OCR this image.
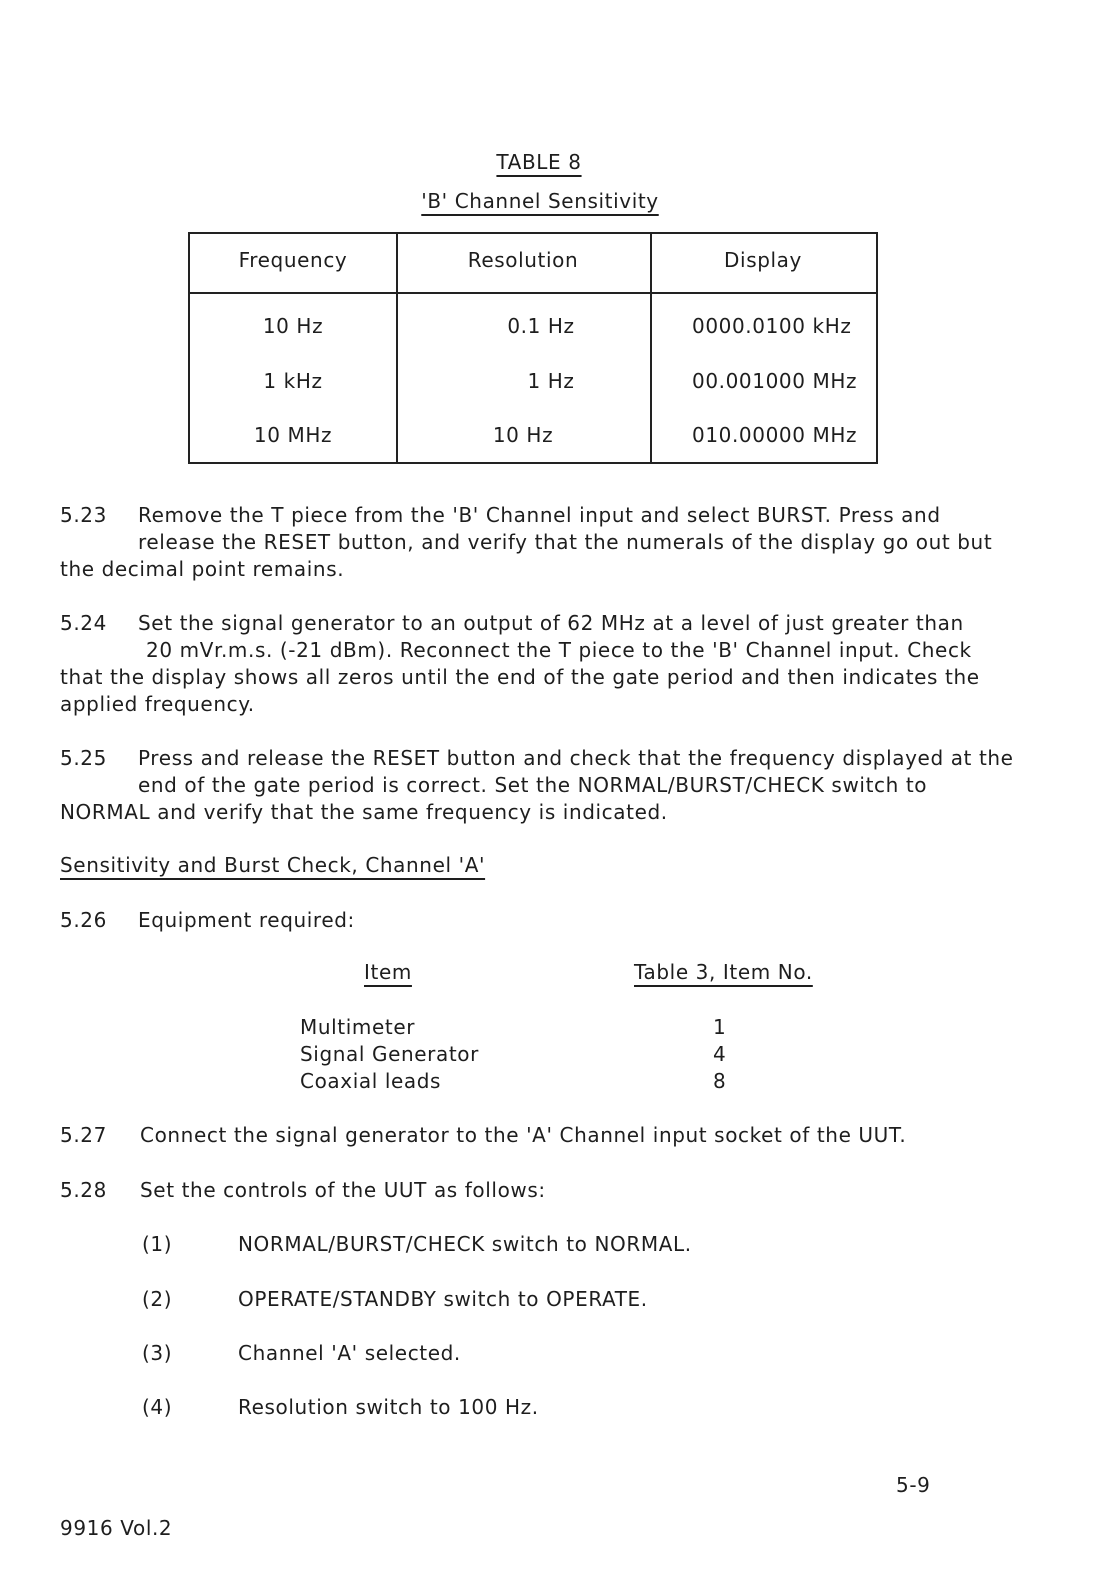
TABLE 8
'B' Channel Sensitivity
Frequency	Resolution	Display
10 Hz	0.1 Hz	0000.0100 kHz
1 kHz	1 Hz	00.001000 MHz
10 MHz	10 Hz	010.00000 MHz
5.23 Remove the T piece from the 'B' Channel input and select BURST. Press and
release the RESET button, and verify that the numerals of the display go out but
the decimal point remains.
5.24 Set the signal generator to an output of 62 MHz at a level of just greater than
20 mVr.m.s. (-21 dBm). Reconnect the T piece to the 'B' Channel input. Check
that the display shows all zeros until the end of the gate period and then indicates the
applied frequency.
5.25 Press and release the RESET button and check that the frequency displayed at the
end of the gate period is correct. Set the NORMAL/BURST/CHECK switch to
NORMAL and verify that the same frequency is indicated.
Sensitivity and Burst Check, Channel 'A'
5.26 Equipment required:
Item	Table 3, Item No.
Multimeter	1
Signal Generator	4
Coaxial leads	8
5.27 Connect the signal generator to the 'A' Channel input socket of the UUT.
5.28 Set the controls of the UUT as follows:
(1)	NORMAL/BURST/CHECK switch to NORMAL.
(2)	OPERATE/STANDBY switch to OPERATE.
(3)	Channel 'A' selected.
(4)	Resolution switch to 100 Hz.
5-9
9916 Vol.2
